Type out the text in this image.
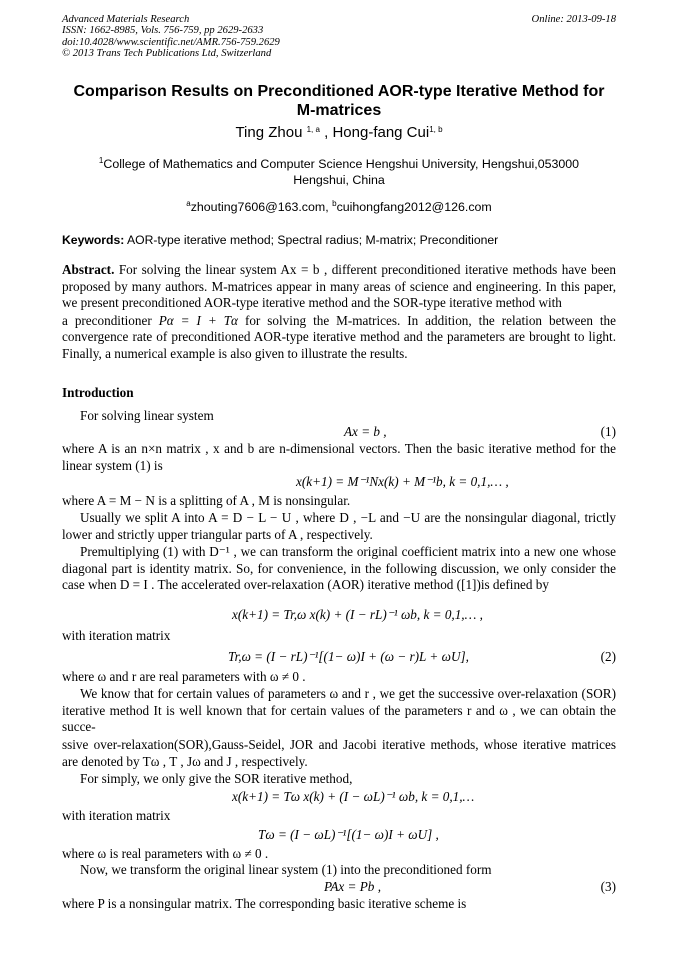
Advanced Materials Research
ISSN: 1662-8985, Vols. 756-759, pp 2629-2633
doi:10.4028/www.scientific.net/AMR.756-759.2629
© 2013 Trans Tech Publications Ltd, Switzerland
Online: 2013-09-18
Comparison Results on Preconditioned AOR-type Iterative Method for M-matrices
Ting Zhou $^{1, a}$ , Hong-fang Cui$^{1, b}$
$^1$College of Mathematics and Computer Science Hengshui University, Hengshui,053000
Hengshui, China
$^a$zhouting7606@163.com, $^b$cuihongfang2012@126.com
Keywords: AOR-type iterative method; Spectral radius; M-matrix; Preconditioner
Abstract. For solving the linear system Ax = b , different preconditioned iterative methods have been proposed by many authors. M-matrices appear in many areas of science and engineering. In this paper, we present preconditioned AOR-type iterative method and the SOR-type iterative method with
a preconditioner Pα = I + Tα for solving the M-matrices. In addition, the relation between the convergence rate of preconditioned AOR-type iterative method and the parameters are brought to light. Finally, a numerical example is also given to illustrate the results.
Introduction
For solving linear system
Ax = b ,	(1)
where A is an n×n matrix , x and b are n-dimensional vectors. Then the basic iterative method for the linear system (1) is
x(k+1) = M⁻¹Nx(k) + M⁻¹b, k = 0,1,… ,
where A = M − N is a splitting of A , M is nonsingular.
Usually we split A into A = D − L − U , where D , −L and −U are the nonsingular diagonal, trictly lower and strictly upper triangular parts of A , respectively.
Premultiplying (1) with D⁻¹ , we can transform the original coefficient matrix into a new one whose diagonal part is identity matrix. So, for convenience, in the following discussion, we only consider the case when D = I . The accelerated over-relaxation (AOR) iterative method ([1])is defined by
x(k+1) = Tr,ω x(k) + (I − rL)⁻¹ ωb, k = 0,1,… ,
with iteration matrix
Tr,ω = (I − rL)⁻¹[(1− ω)I + (ω − r)L + ωU],	(2)
where ω and r are real parameters with ω ≠ 0 .
We know that for certain values of parameters ω and r , we get the successive over-relaxation (SOR) iterative method It is well known that for certain values of the parameters r and ω , we can obtain the succe-
ssive over-relaxation(SOR),Gauss-Seidel, JOR and Jacobi iterative methods, whose iterative matrices are denoted by Tω , T , Jω and J , respectively.
For simply, we only give the SOR iterative method,
x(k+1) = Tω x(k) + (I − ωL)⁻¹ ωb, k = 0,1,…
with iteration matrix
Tω = (I − ωL)⁻¹[(1− ω)I + ωU] ,
where ω is real parameters with ω ≠ 0 .
Now, we transform the original linear system (1) into the preconditioned form
PAx = Pb ,	(3)
where P is a nonsingular matrix. The corresponding basic iterative scheme is
